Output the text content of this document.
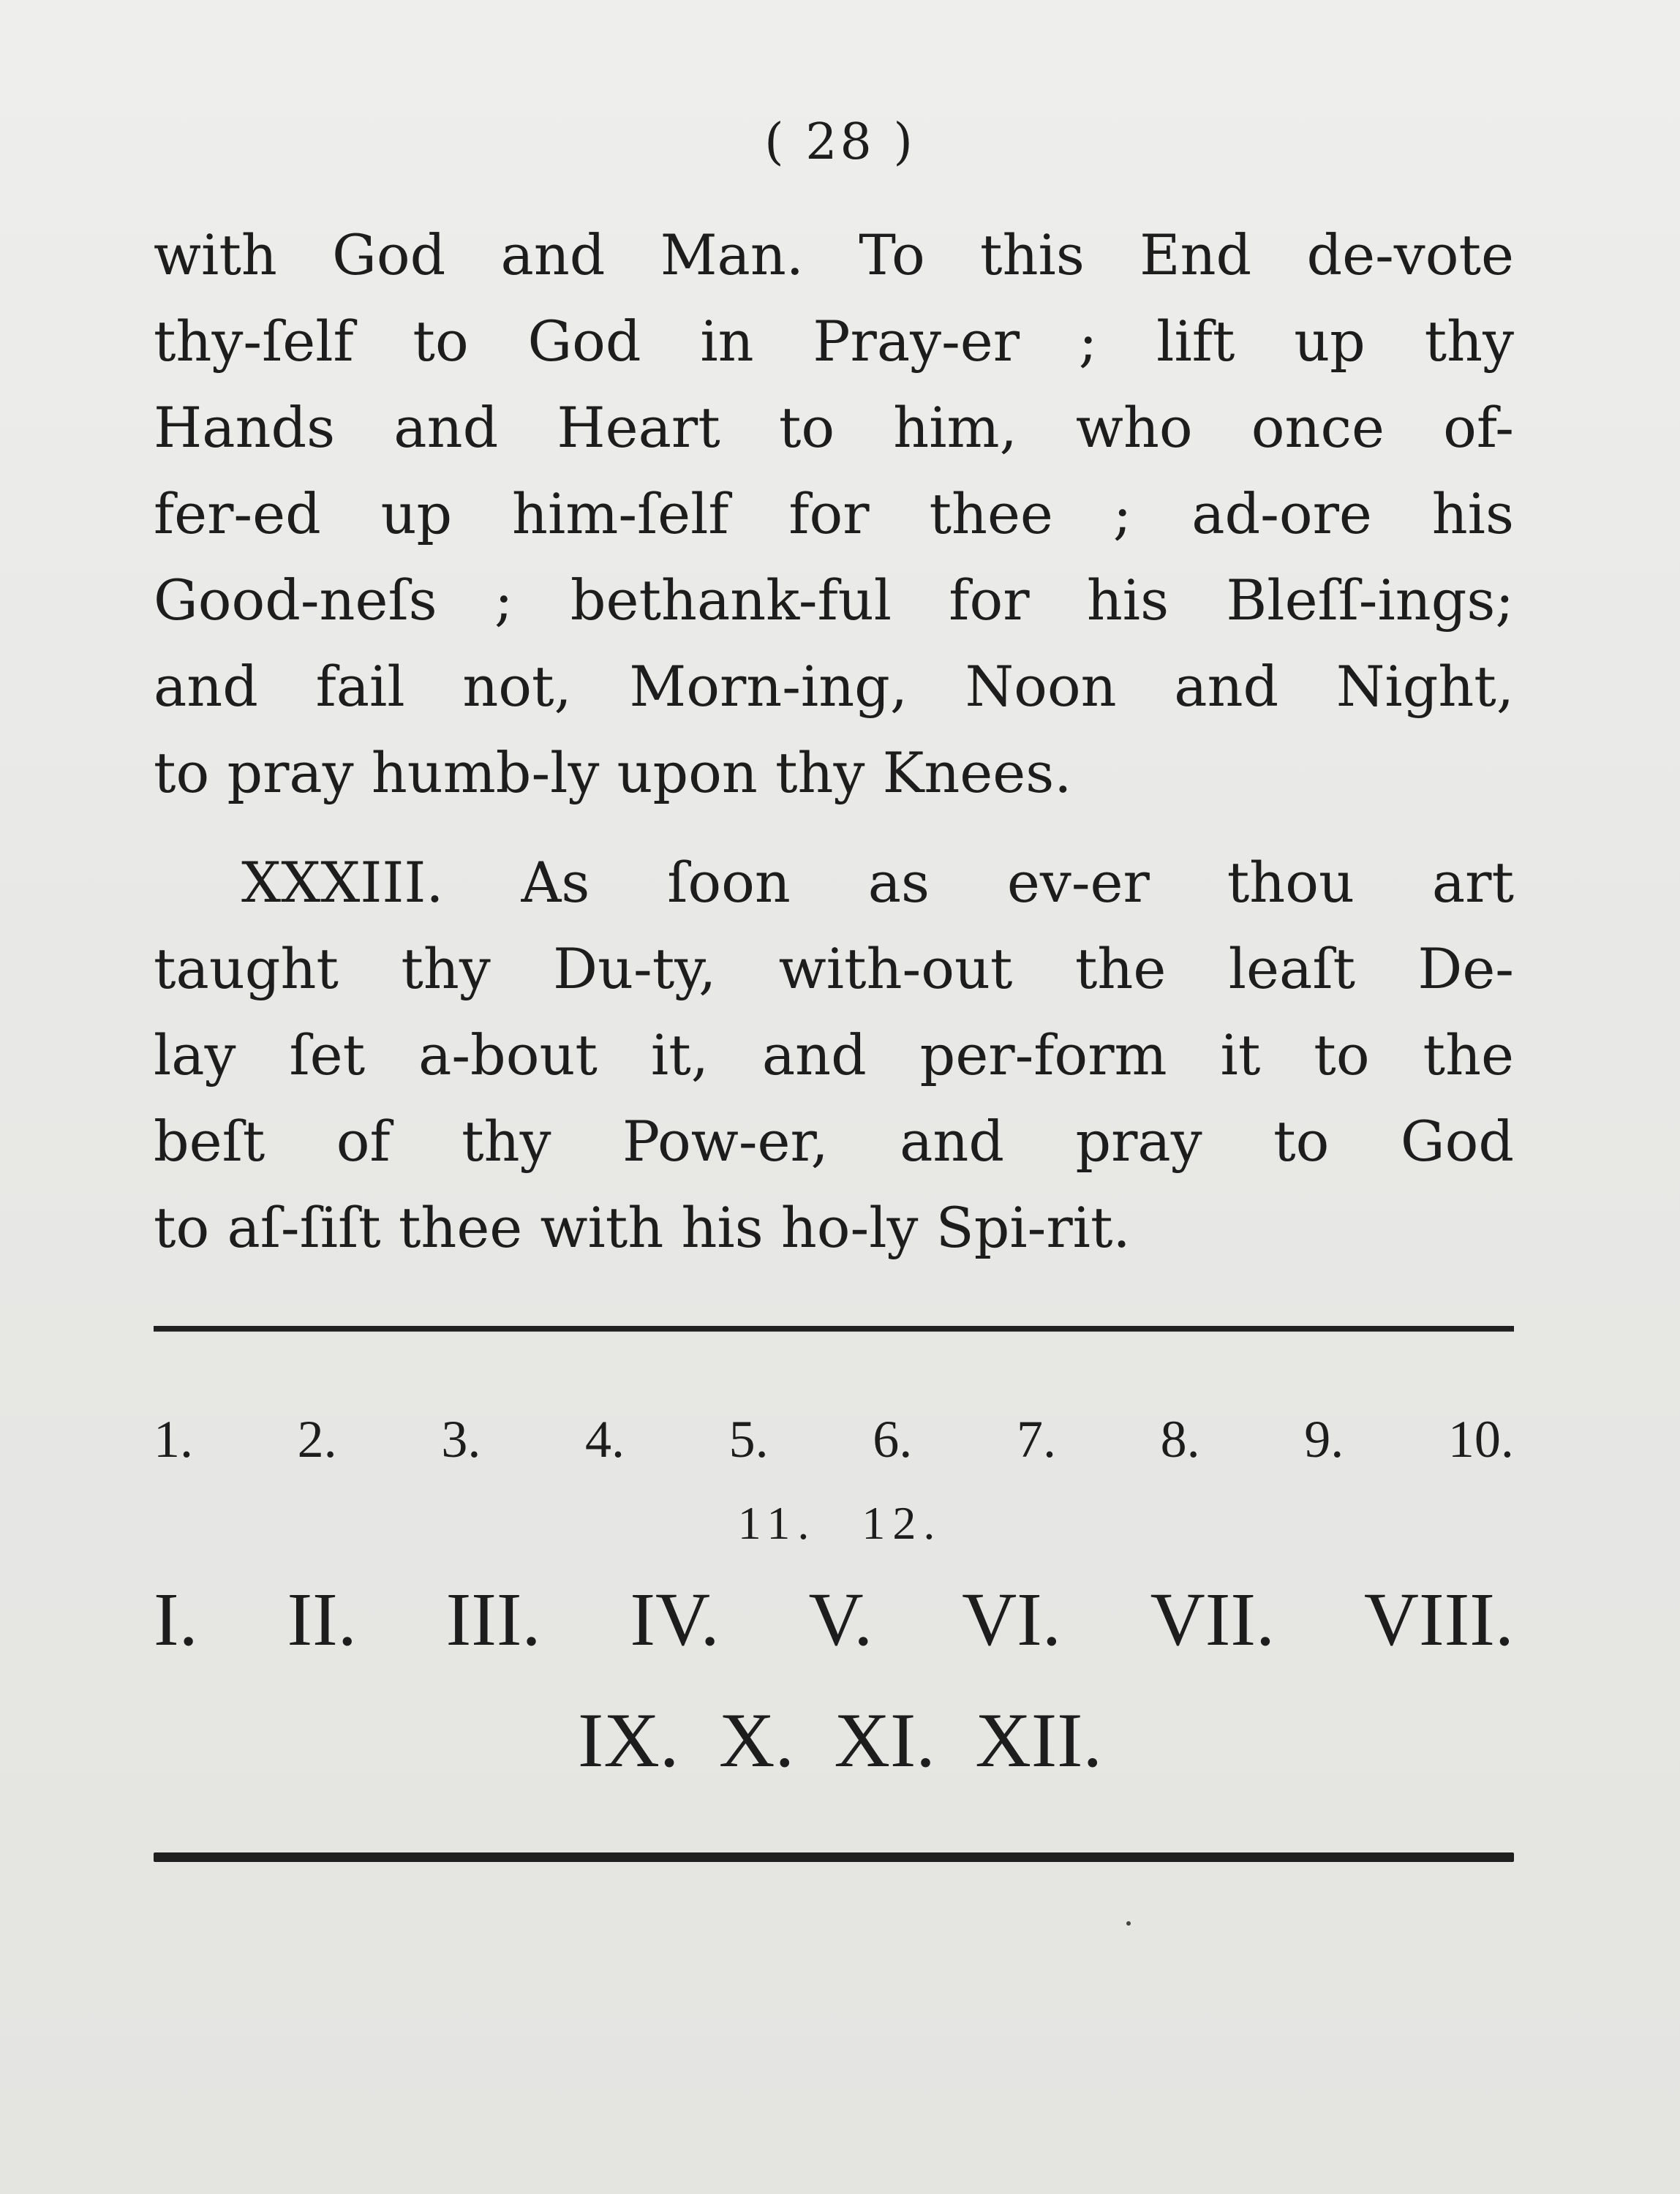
( 28 )
with God and Man. To this End de-vote
thy-ſelf to God in Pray-er ; lift up thy
Hands and Heart to him, who once of-
fer-ed up him-ſelf for thee ; ad-ore his
Good-neſs ; bethank-ful for his Bleſſ-ings;
and fail not, Morn-ing, Noon and Night,
to pray humb-ly upon thy Knees.
XXXIII. As ſoon as ev-er thou art
taught thy Du-ty, with-out the leaſt De-
lay ſet a-bout it, and per-form it to the
beſt of thy Pow-er, and pray to God
to aſ-ſiſt thee with his ho-ly Spi-rit.
1. 2. 3. 4. 5. 6. 7. 8. 9. 10.
11. 12.
I. II. III. IV. V. VI. VII. VIII.
IX. X. XI. XII.
